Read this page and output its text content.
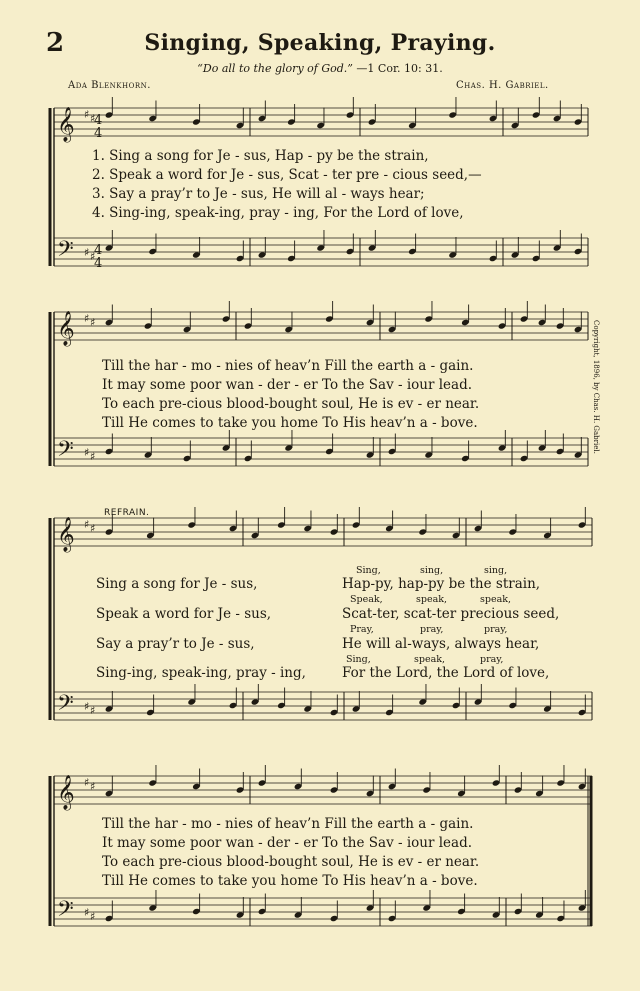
2	Singing, Speaking, Praying.
“Do all to the glory of God.” —1 Cor. 10: 31.
Ada Blenkhorn.	Chas. H. Gabriel.
Copyright, 1896, by Chas. H. Gabriel.
𝄞
𝄢
♯ ♯
♯ ♯
𝄞
𝄢
♯ ♯
♯ ♯
𝄞
𝄢
♯ ♯
♯ ♯
𝄞
𝄢
♯ ♯
♯ ♯
4
4
4
4
1. Sing a song for Je - sus, Hap - py be the strain,
2. Speak a word for Je - sus, Scat - ter pre - cious seed,—
3. Say a pray’r to Je - sus, He will al - ways hear;
4. Sing-ing, speak-ing, pray - ing, For the Lord of love,
Till the har - mo - nies of heav’n Fill the earth a - gain.
It may some poor wan - der - er To the Sav - iour lead.
To each pre-cious blood-bought soul, He is ev - er near.
Till He comes to take you home To His heav’n a - bove.
REFRAIN.
Sing,	sing,	sing,
Sing a song for Je - sus,	Hap-py, hap-py be the strain,
Speak,	speak,	speak,
Speak a word for Je - sus,	Scat-ter, scat-ter precious seed,
Pray,	pray,	pray,
Say a pray’r to Je - sus,	He will al-ways, always hear,
Sing,	speak,	pray,
Sing-ing, speak-ing, pray - ing,	For the Lord, the Lord of love,
Till the har - mo - nies of heav’n Fill the earth a - gain.
It may some poor wan - der - er To the Sav - iour lead.
To each pre-cious blood-bought soul, He is ev - er near.
Till He comes to take you home To His heav’n a - bove.
